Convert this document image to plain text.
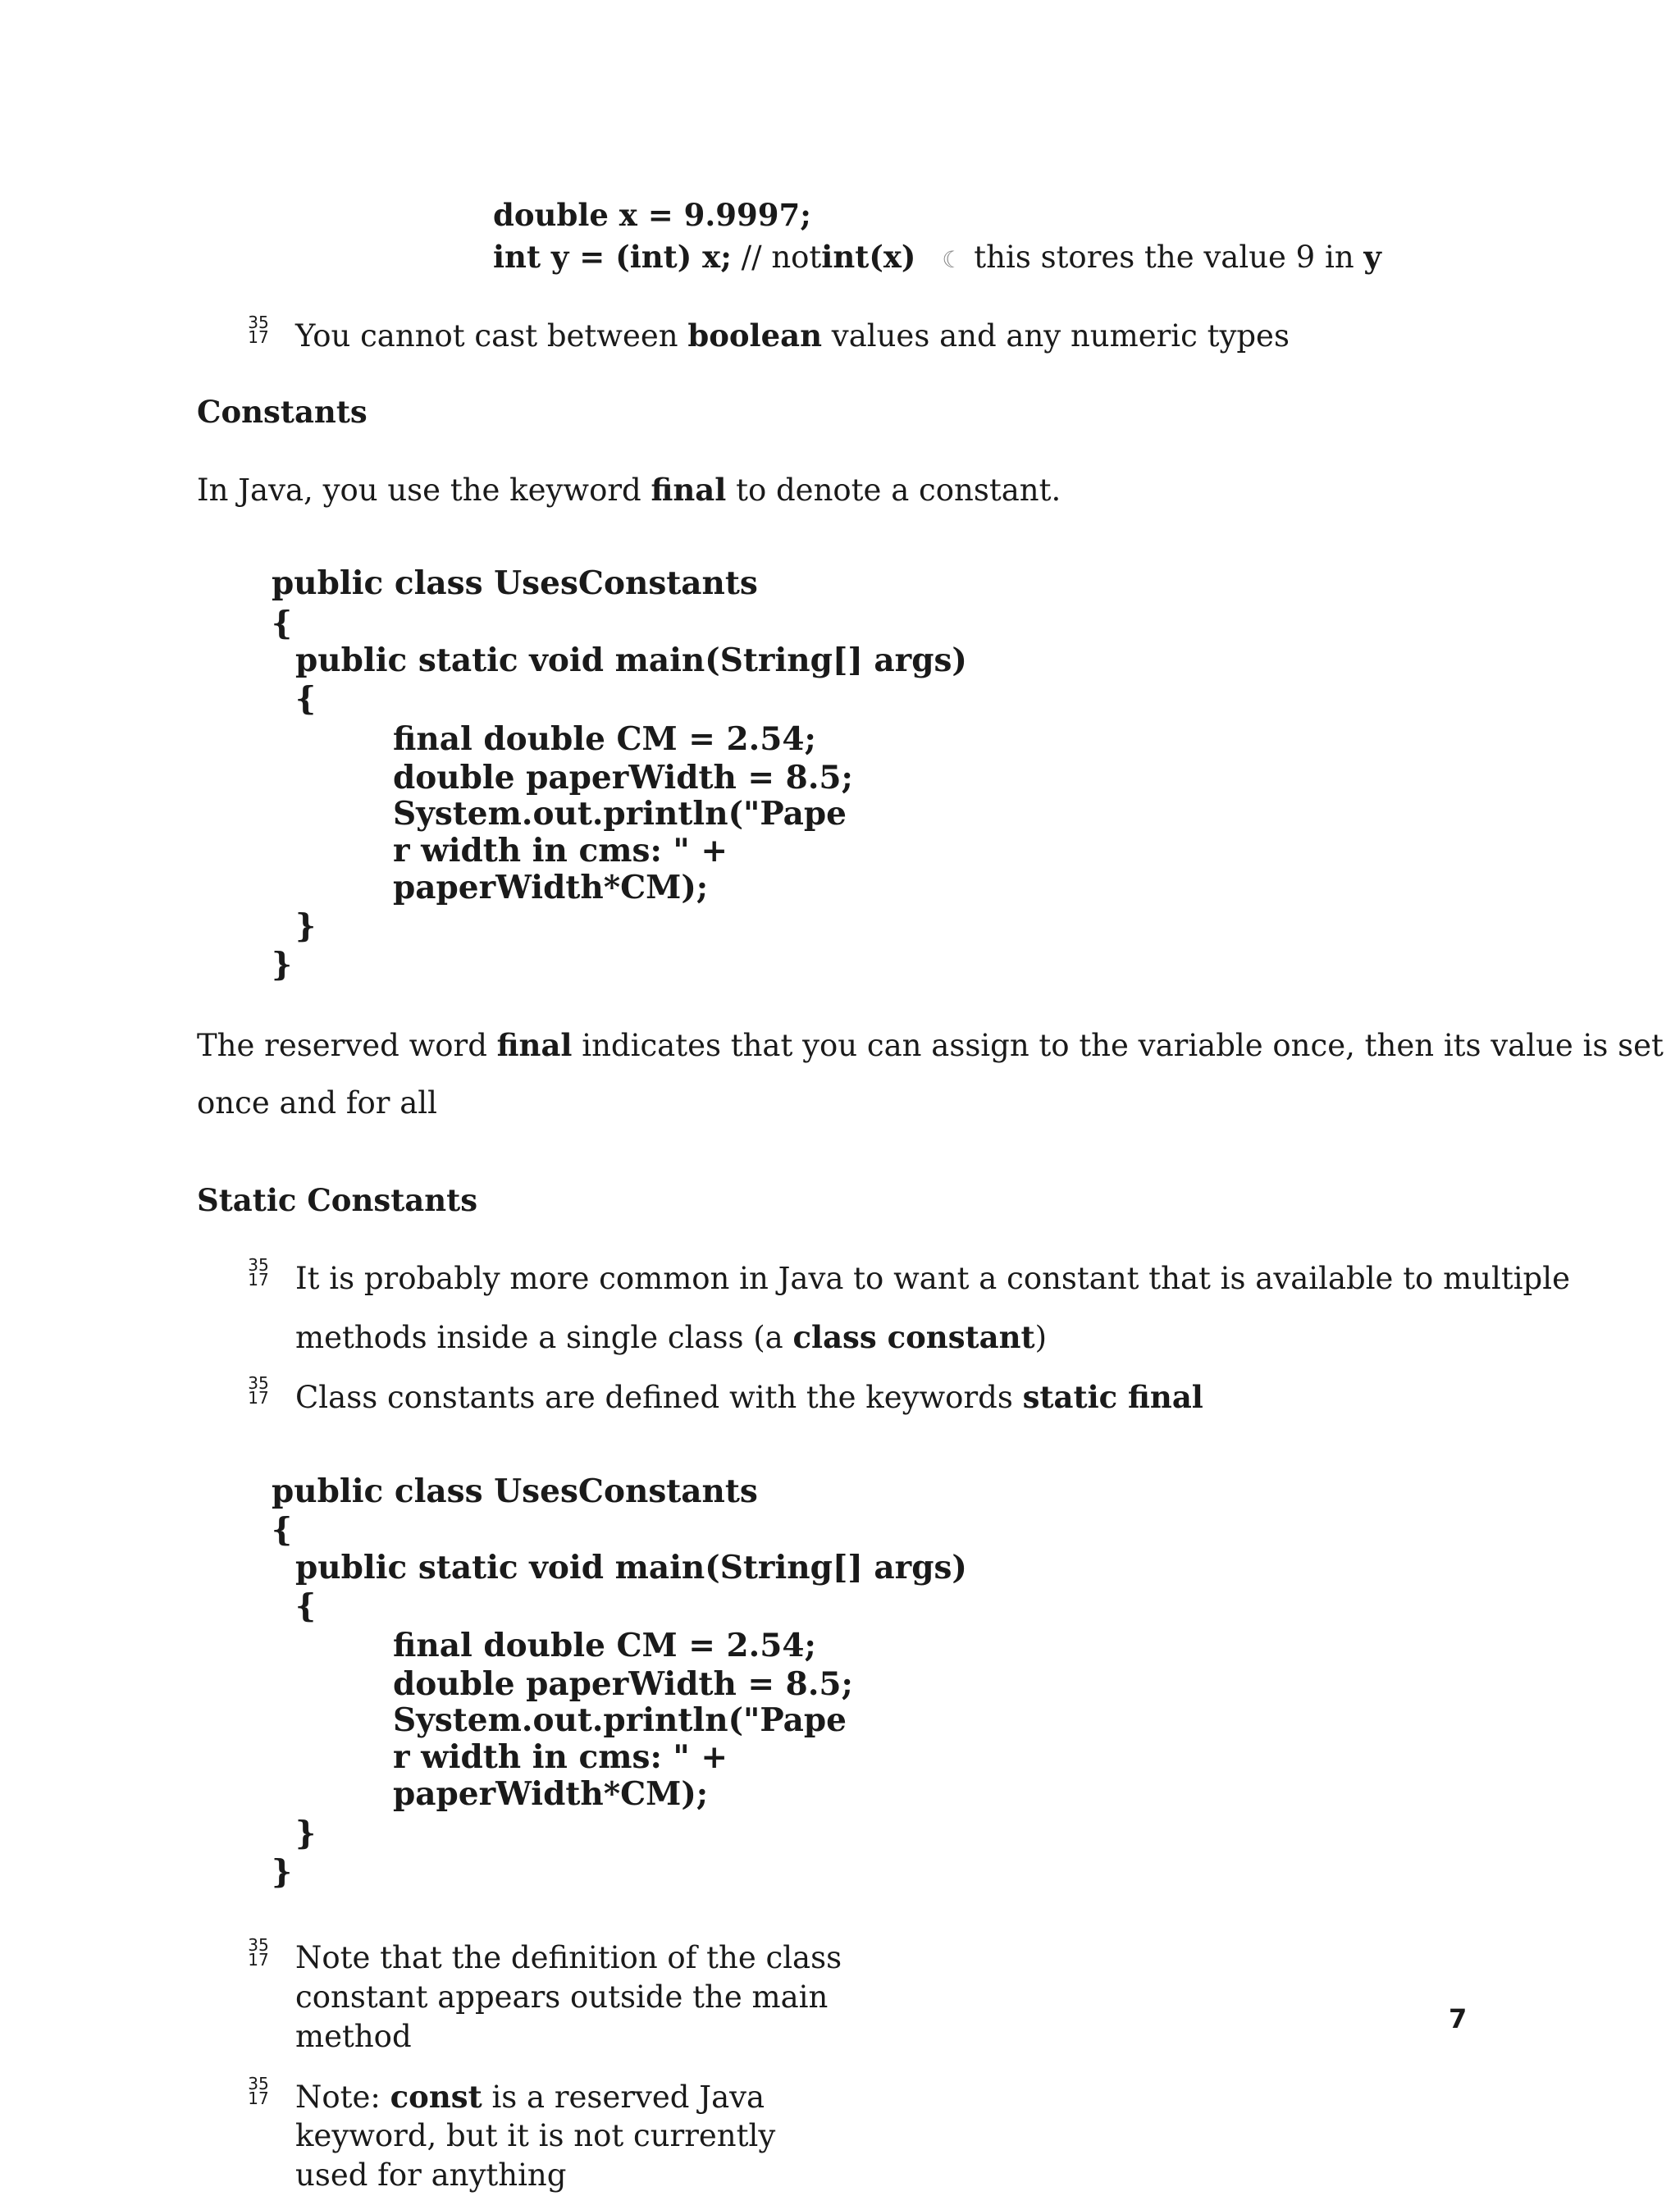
double x = 9.9997;
int y = (int) x; // notint(x) ☾ this stores the value 9 in y
35
17 You cannot cast between boolean values and any numeric types
Constants
In Java, you use the keyword final to denote a constant.
public class UsesConstants
{
public static void main(String[] args)
{
final double CM = 2.54;
double paperWidth = 8.5;
System.out.println("Pape
r width in cms: " +
paperWidth*CM);
}
}
The reserved word final indicates that you can assign to the variable once, then its value is set
once and for all
Static Constants
35
17 It is probably more common in Java to want a constant that is available to multiple
methods inside a single class (a class constant)
35
17 Class constants are defined with the keywords static final
public class UsesConstants
{
public static void main(String[] args)
{
final double CM = 2.54;
double paperWidth = 8.5;
System.out.println("Pape
r width in cms: " +
paperWidth*CM);
}
}
35
17 Note that the definition of the class
constant appears outside the main
method	7
35
17 Note: const is a reserved Java
keyword, but it is not currently
used for anything
